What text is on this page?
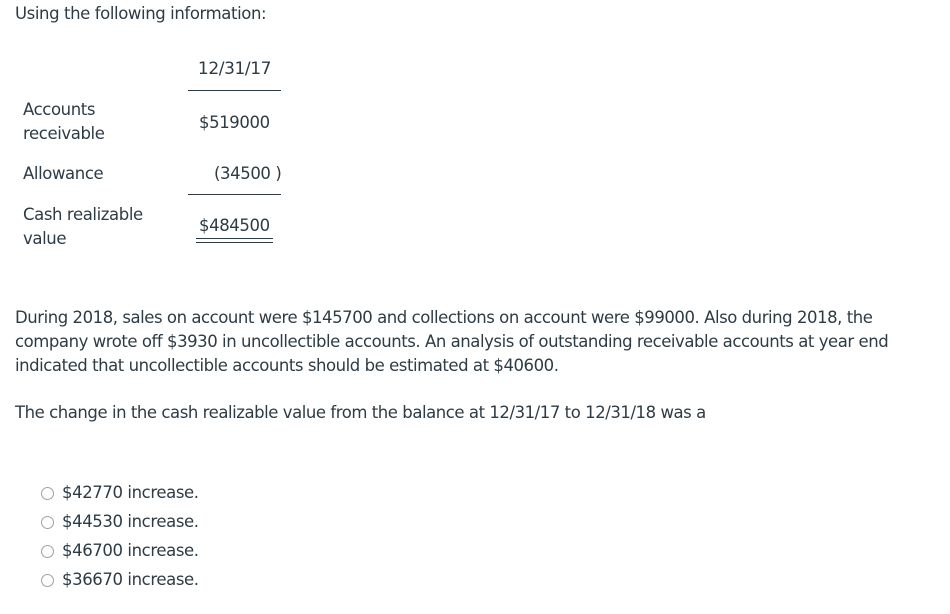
Using the following information:
12/31/17
Accounts receivable
$519000
Allowance	(34500 )
Cash realizable value
$484500
During 2018, sales on account were $145700 and collections on account were $99000. Also during 2018, the company wrote off $3930 in uncollectible accounts. An analysis of outstanding receivable accounts at year end indicated that uncollectible accounts should be estimated at $40600.
The change in the cash realizable value from the balance at 12/31/17 to 12/31/18 was a
$42770 increase.
$44530 increase.
$46700 increase.
$36670 increase.
